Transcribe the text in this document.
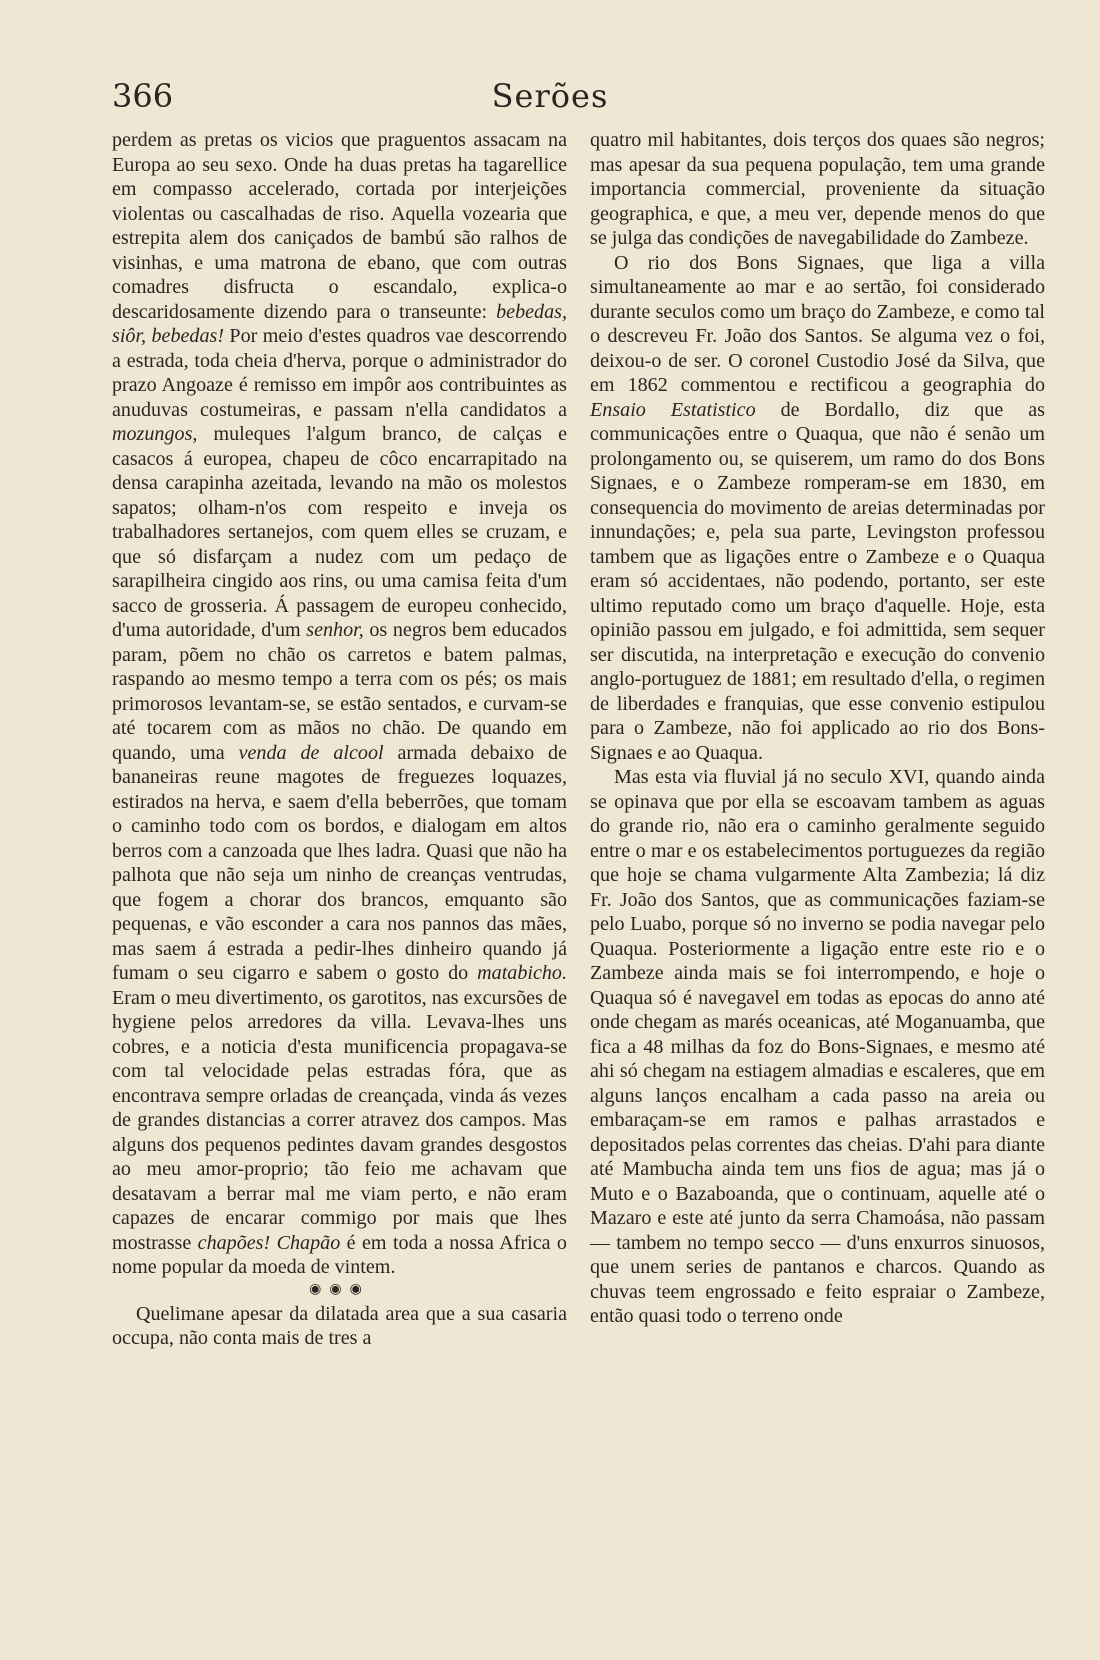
366	Serões

perdem as pretas os vicios que praguentos assacam na Europa ao seu sexo. Onde ha duas pretas ha tagarellice em compasso accelerado, cortada por interjeições violentas ou cascalhadas de riso. Aquella vozearia que estrepita alem dos caniçados de bambú são ralhos de visinhas, e uma matrona de ebano, que com outras comadres disfructa o escandalo, explica-o descaridosamente dizendo para o transeunte: bebedas, siôr, bebedas! Por meio d'estes quadros vae descorrendo a estrada, toda cheia d'herva, porque o administrador do prazo Angoaze é remisso em impôr aos contribuintes as anuduvas costumeiras, e passam n'ella candidatos a mozungos, muleques l'algum branco, de calças e casacos á europea, chapeu de côco encarrapitado na densa carapinha azeitada, levando na mão os molestos sapatos; olham-n'os com respeito e inveja os trabalhadores sertanejos, com quem elles se cruzam, e que só disfarçam a nudez com um pedaço de sarapilheira cingido aos rins, ou uma camisa feita d'um sacco de grosseria. Á passagem de europeu conhecido, d'uma autoridade, d'um senhor, os negros bem educados param, põem no chão os carretos e batem palmas, raspando ao mesmo tempo a terra com os pés; os mais primorosos levantam-se, se estão sentados, e curvam-se até tocarem com as mãos no chão. De quando em quando, uma venda de alcool armada debaixo de bananeiras reune magotes de freguezes loquazes, estirados na herva, e saem d'ella beberrões, que tomam o caminho todo com os bordos, e dialogam em altos berros com a canzoada que lhes ladra. Quasi que não ha palhota que não seja um ninho de creanças ventrudas, que fogem a chorar dos brancos, emquanto são pequenas, e vão esconder a cara nos pannos das mães, mas saem á estrada a pedir-lhes dinheiro quando já fumam o seu cigarro e sabem o gosto do matabicho. Eram o meu divertimento, os garotitos, nas excursões de hygiene pelos arredores da villa. Levava-lhes uns cobres, e a noticia d'esta munificencia propagava-se com tal velocidade pelas estradas fóra, que as encontrava sempre orladas de creançada, vinda ás vezes de grandes distancias a correr atravez dos campos. Mas alguns dos pequenos pedintes davam grandes desgostos ao meu amor-proprio; tão feio me achavam que desatavam a berrar mal me viam perto, e não eram capazes de encarar commigo por mais que lhes mostrasse chapões! Chapão é em toda a nossa Africa o nome popular da moeda de vintem.

◉◉◉

Quelimane apesar da dilatada area que a sua casaria occupa, não conta mais de tres a

quatro mil habitantes, dois terços dos quaes são negros; mas apesar da sua pequena população, tem uma grande importancia commercial, proveniente da situação geographica, e que, a meu ver, depende menos do que se julga das condições de navegabilidade do Zambeze.

O rio dos Bons Signaes, que liga a villa simultaneamente ao mar e ao sertão, foi considerado durante seculos como um braço do Zambeze, e como tal o descreveu Fr. João dos Santos. Se alguma vez o foi, deixou-o de ser. O coronel Custodio José da Silva, que em 1862 commentou e rectificou a geographia do Ensaio Estatistico de Bordallo, diz que as communicações entre o Quaqua, que não é senão um prolongamento ou, se quiserem, um ramo do dos Bons Signaes, e o Zambeze romperam-se em 1830, em consequencia do movimento de areias determinadas por innundações; e, pela sua parte, Levingston professou tambem que as ligações entre o Zambeze e o Quaqua eram só accidentaes, não podendo, portanto, ser este ultimo reputado como um braço d'aquelle. Hoje, esta opinião passou em julgado, e foi admittida, sem sequer ser discutida, na interpretação e execução do convenio anglo-portuguez de 1881; em resultado d'ella, o regimen de liberdades e franquias, que esse convenio estipulou para o Zambeze, não foi applicado ao rio dos Bons-Signaes e ao Quaqua.

Mas esta via fluvial já no seculo XVI, quando ainda se opinava que por ella se escoavam tambem as aguas do grande rio, não era o caminho geralmente seguido entre o mar e os estabelecimentos portuguezes da região que hoje se chama vulgarmente Alta Zambezia; lá diz Fr. João dos Santos, que as communicações faziam-se pelo Luabo, porque só no inverno se podia navegar pelo Quaqua. Posteriormente a ligação entre este rio e o Zambeze ainda mais se foi interrompendo, e hoje o Quaqua só é navegavel em todas as epocas do anno até onde chegam as marés oceanicas, até Moganuamba, que fica a 48 milhas da foz do Bons-Signaes, e mesmo até ahi só chegam na estiagem almadias e escaleres, que em alguns lanços encalham a cada passo na areia ou embaraçam-se em ramos e palhas arrastados e depositados pelas correntes das cheias. D'ahi para diante até Mambucha ainda tem uns fios de agua; mas já o Muto e o Bazaboanda, que o continuam, aquelle até o Mazaro e este até junto da serra Chamoása, não passam — tambem no tempo secco — d'uns enxurros sinuosos, que unem series de pantanos e charcos. Quando as chuvas teem engrossado e feito espraiar o Zambeze, então quasi todo o terreno onde
